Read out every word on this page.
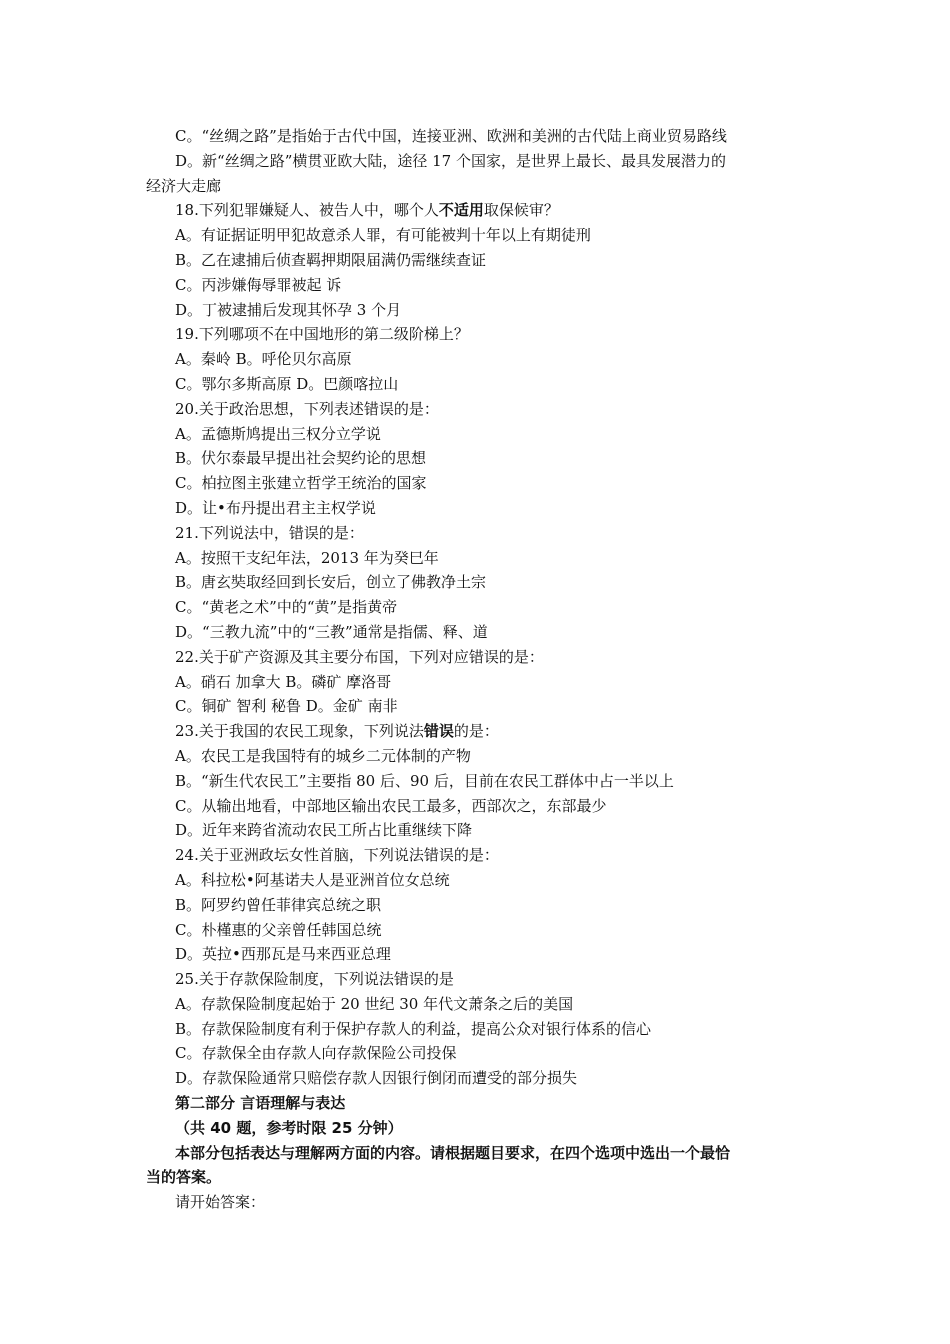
C。“丝绸之路”是指始于古代中国，连接亚洲、欧洲和美洲的古代陆上商业贸易路线
D。新“丝绸之路”横贯亚欧大陆，途径 17 个国家，是世界上最长、最具发展潜力的
经济大走廊
18.下列犯罪嫌疑人、被告人中，哪个人不适用取保候审？
A。有证据证明甲犯故意杀人罪，有可能被判十年以上有期徒刑
B。乙在逮捕后侦查羁押期限届满仍需继续查证
C。丙涉嫌侮辱罪被起 诉
D。丁被逮捕后发现其怀孕 3 个月
19.下列哪项不在中国地形的第二级阶梯上？
A。秦岭 B。呼伦贝尔高原
C。鄂尔多斯高原 D。巴颜喀拉山
20.关于政治思想，下列表述错误的是：
A。孟德斯鸠提出三权分立学说
B。伏尔泰最早提出社会契约论的思想
C。柏拉图主张建立哲学王统治的国家
D。让•布丹提出君主主权学说
21.下列说法中，错误的是：
A。按照干支纪年法，2013 年为癸巳年
B。唐玄奘取经回到长安后，创立了佛教净土宗
C。“黄老之术”中的“黄”是指黄帝
D。“三教九流”中的“三教”通常是指儒、释、道
22.关于矿产资源及其主要分布国，下列对应错误的是：
A。硝石 加拿大 B。磷矿 摩洛哥
C。铜矿 智利 秘鲁 D。金矿 南非
23.关于我国的农民工现象，下列说法错误的是：
A。农民工是我国特有的城乡二元体制的产物
B。“新生代农民工”主要指 80 后、90 后，目前在农民工群体中占一半以上
C。从输出地看，中部地区输出农民工最多，西部次之，东部最少
D。近年来跨省流动农民工所占比重继续下降
24.关于亚洲政坛女性首脑，下列说法错误的是：
A。科拉松•阿基诺夫人是亚洲首位女总统
B。阿罗约曾任菲律宾总统之职
C。朴槿惠的父亲曾任韩国总统
D。英拉•西那瓦是马来西亚总理
25.关于存款保险制度，下列说法错误的是
A。存款保险制度起始于 20 世纪 30 年代文萧条之后的美国
B。存款保险制度有利于保护存款人的利益，提高公众对银行体系的信心
C。存款保全由存款人向存款保险公司投保
D。存款保险通常只赔偿存款人因银行倒闭而遭受的部分损失
第二部分 言语理解与表达
（共 40 题，参考时限 25 分钟）
本部分包括表达与理解两方面的内容。请根据题目要求，在四个选项中选出一个最恰
当的答案。
请开始答案：
